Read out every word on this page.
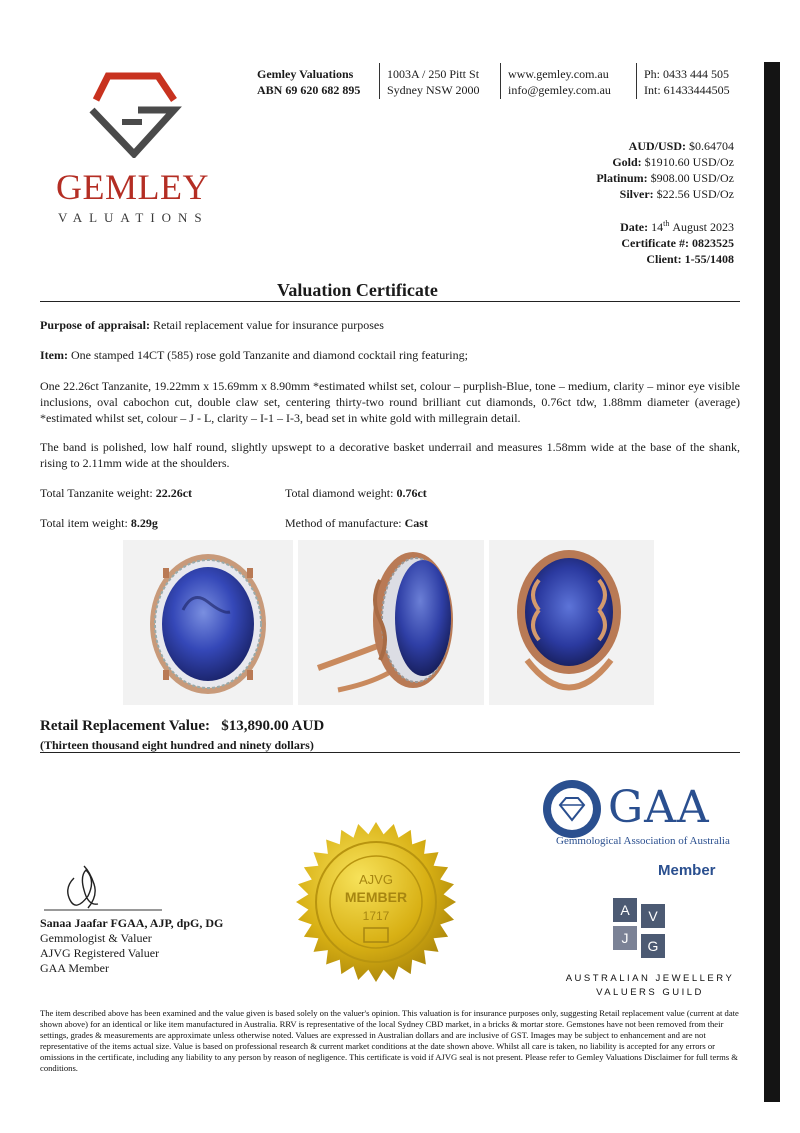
GEMLEY
VALUATIONS
Gemley Valuations
ABN 69 620 682 895
1003A / 250 Pitt St
Sydney NSW 2000
www.gemley.com.au
info@gemley.com.au
Ph: 0433 444 505
Int: 61433444505
AUD/USD: $0.64704
Gold: $1910.60 USD/Oz
Platinum: $908.00 USD/Oz
Silver: $22.56 USD/Oz
Date: 14th August 2023
Certificate #: 0823525
Client: 1-55/1408
Valuation Certificate
Purpose of appraisal: Retail replacement value for insurance purposes
Item: One stamped 14CT (585) rose gold Tanzanite and diamond cocktail ring featuring;
One 22.26ct Tanzanite, 19.22mm x 15.69mm x 8.90mm *estimated whilst set, colour – purplish-Blue, tone – medium, clarity – minor eye visible inclusions, oval cabochon cut, double claw set, centering thirty-two round brilliant cut diamonds, 0.76ct tdw, 1.88mm diameter (average) *estimated whilst set, colour – J - L, clarity – I-1 – I-3, bead set in white gold with millegrain detail.
The band is polished, low half round, slightly upswept to a decorative basket underrail and measures 1.58mm wide at the base of the shank, rising to 2.11mm wide at the shoulders.
Total Tanzanite weight: 22.26ct	Total diamond weight: 0.76ct
Total item weight: 8.29g	Method of manufacture: Cast
Retail Replacement Value: $13,890.00 AUD
(Thirteen thousand eight hundred and ninety dollars)
AJVG
MEMBER
1717
GAA
Gemmological Association of Australia
Member
A	V
J	G
AUSTRALIAN JEWELLERY
VALUERS GUILD
Sanaa Jaafar FGAA, AJP, dpG, DG
Gemmologist & Valuer
AJVG Registered Valuer
GAA Member
The item described above has been examined and the value given is based solely on the valuer's opinion. This valuation is for insurance purposes only, suggesting Retail replacement value (current at date shown above) for an identical or like item manufactured in Australia. RRV is representative of the local Sydney CBD market, in a bricks & mortar store. Gemstones have not been removed from their settings, grades & measurements are approximate unless otherwise noted. Values are expressed in Australian dollars and are inclusive of GST. Images may be subject to enhancement and are not representative of the items actual size. Value is based on professional research & current market conditions at the date shown above. Whilst all care is taken, no liability is accepted for any errors or omissions in the certificate, including any liability to any person by reason of negligence. This certificate is void if AJVG seal is not present. Please refer to Gemley Valuations Disclaimer for full terms & conditions.
